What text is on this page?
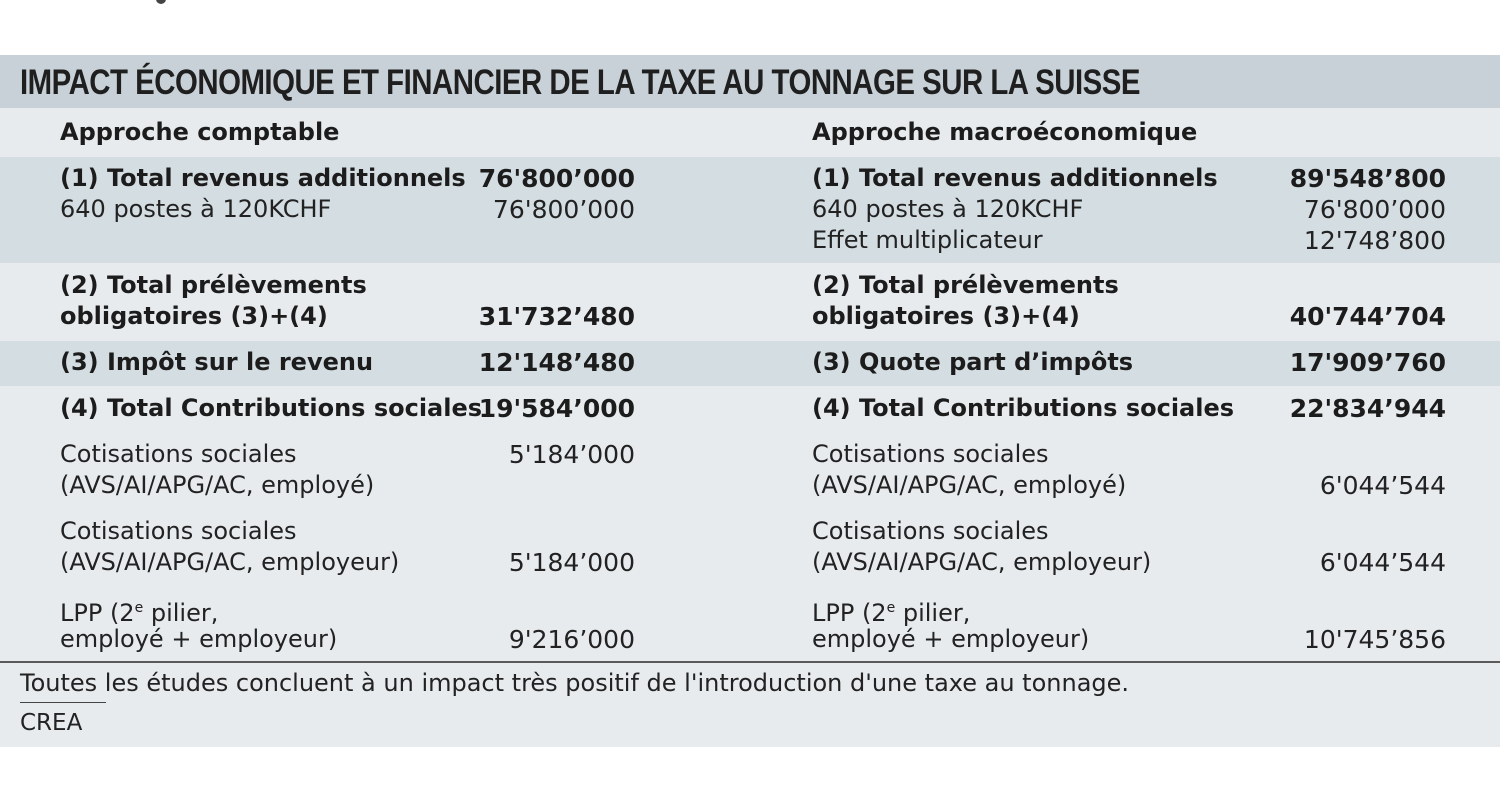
IMPACT ÉCONOMIQUE ET FINANCIER DE LA TAXE AU TONNAGE SUR LA SUISSE
Approche comptable
(1) Total revenus additionnels 76'800’000
640 postes à 120KCHF	76'800’000
(2) Total prélèvements
obligatoires (3)+(4)	31'732’480
(3) Impôt sur le revenu	12'148’480
(4) Total Contributions sociales
19'584’000
Cotisations sociales
(AVS/AI/APG/AC, employé)
5'184’000
Cotisations sociales
(AVS/AI/APG/AC, employeur)	5'184’000
LPP (2e pilier,
employé + employeur)	9'216’000
Approche macroéconomique
(1) Total revenus additionnels	89'548’800
640 postes à 120KCHF	76'800’000
Effet multiplicateur	12'748’800
(2) Total prélèvements
obligatoires (3)+(4)	40'744’704
(3) Quote part d’impôts	17'909’760
(4) Total Contributions sociales	22'834’944
Cotisations sociales
(AVS/AI/APG/AC, employé)	6'044’544
Cotisations sociales
(AVS/AI/APG/AC, employeur)	6'044’544
LPP (2e pilier,
employé + employeur)	10'745’856
Toutes les études concluent à un impact très positif de l'introduction d'une taxe au tonnage.
CREA
